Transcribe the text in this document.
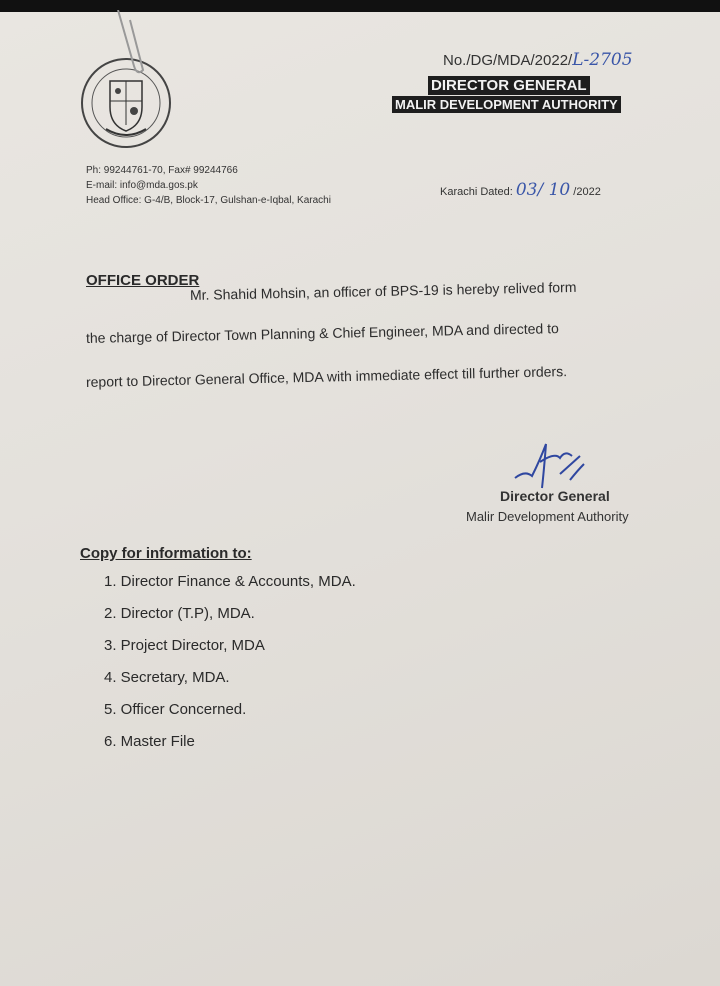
No./DG/MDA/2022/L-2705
DIRECTOR GENERAL
MALIR DEVELOPMENT AUTHORITY
Ph: 99244761-70, Fax# 99244766
E-mail: info@mda.gos.pk
Head Office: G-4/B, Block-17, Gulshan-e-Iqbal, Karachi
Karachi Dated: 03/ 10 /2022
OFFICE ORDER
Mr. Shahid Mohsin, an officer of BPS-19 is hereby relived form
the charge of Director Town Planning & Chief Engineer, MDA and directed to
report to Director General Office, MDA with immediate effect till further orders.
Director General
Malir Development Authority
Copy for information to:
1. Director Finance & Accounts, MDA.
2. Director (T.P), MDA.
3. Project Director, MDA
4. Secretary, MDA.
5. Officer Concerned.
6. Master File
